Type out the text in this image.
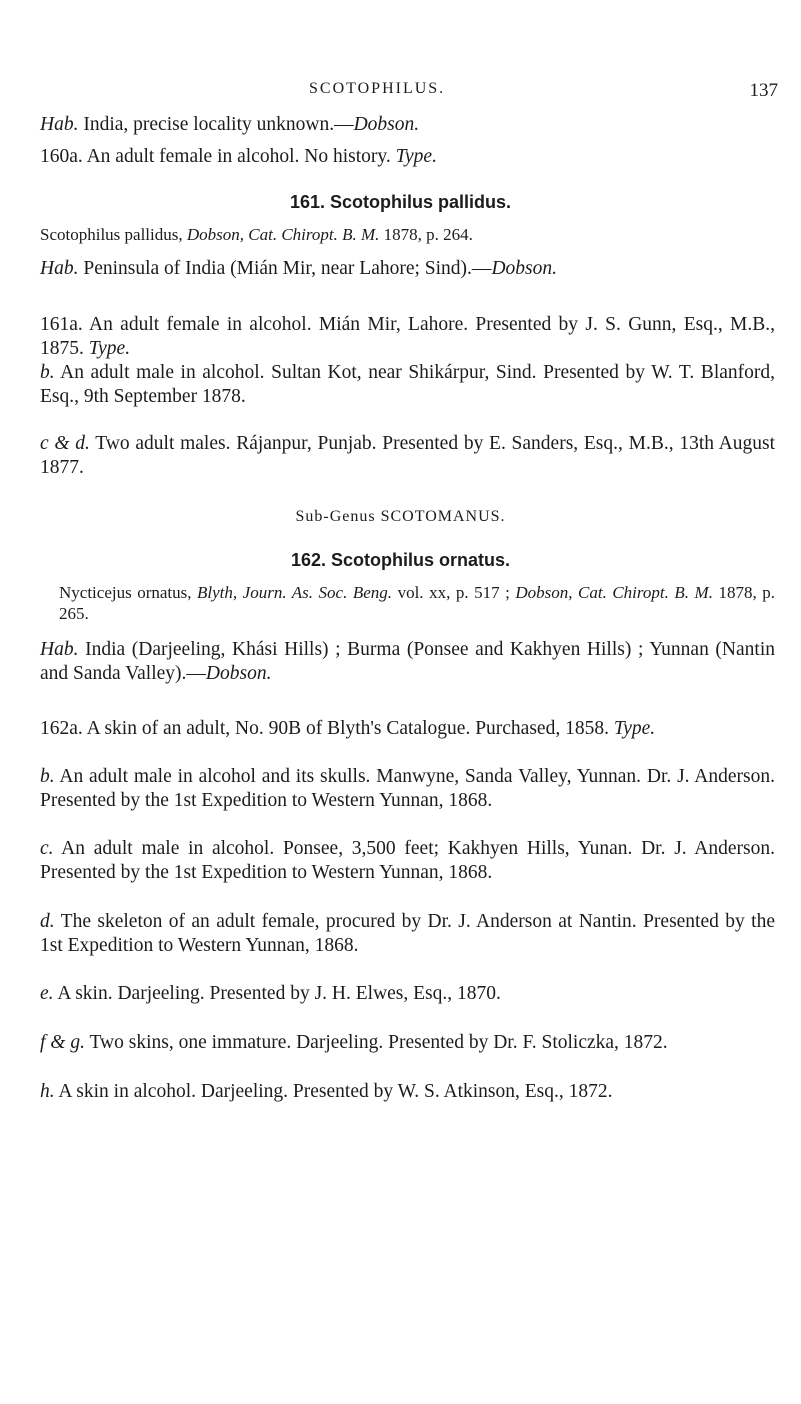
SCOTOPHILUS.	137
Hab. India, precise locality unknown.—Dobson.
160a. An adult female in alcohol. No history. Type.
161. Scotophilus pallidus.
Scotophilus pallidus, Dobson, Cat. Chiropt. B. M. 1878, p. 264.
Hab. Peninsula of India (Mián Mir, near Lahore; Sind).—Dobson.
161a. An adult female in alcohol. Mián Mir, Lahore. Presented by J. S. Gunn, Esq., M.B., 1875. Type.
b. An adult male in alcohol. Sultan Kot, near Shikárpur, Sind. Presented by W. T. Blanford, Esq., 9th September 1878.
c & d. Two adult males. Rájanpur, Punjab. Presented by E. Sanders, Esq., M.B., 13th August 1877.
Sub-Genus SCOTOMANUS.
162. Scotophilus ornatus.
Nycticejus ornatus, Blyth, Journ. As. Soc. Beng. vol. xx, p. 517 ; Dobson, Cat. Chiropt. B. M. 1878, p. 265.
Hab. India (Darjeeling, Khási Hills) ; Burma (Ponsee and Kakhyen Hills) ; Yunnan (Nantin and Sanda Valley).—Dobson.
162a. A skin of an adult, No. 90B of Blyth's Catalogue. Purchased, 1858. Type.
b. An adult male in alcohol and its skulls. Manwyne, Sanda Valley, Yunnan. Dr. J. Anderson. Presented by the 1st Expedition to Western Yunnan, 1868.
c. An adult male in alcohol. Ponsee, 3,500 feet; Kakhyen Hills, Yunan. Dr. J. Anderson. Presented by the 1st Expedition to Western Yunnan, 1868.
d. The skeleton of an adult female, procured by Dr. J. Anderson at Nantin. Presented by the 1st Expedition to Western Yunnan, 1868.
e. A skin. Darjeeling. Presented by J. H. Elwes, Esq., 1870.
f & g. Two skins, one immature. Darjeeling. Presented by Dr. F. Stoliczka, 1872.
h. A skin in alcohol. Darjeeling. Presented by W. S. Atkinson, Esq., 1872.
